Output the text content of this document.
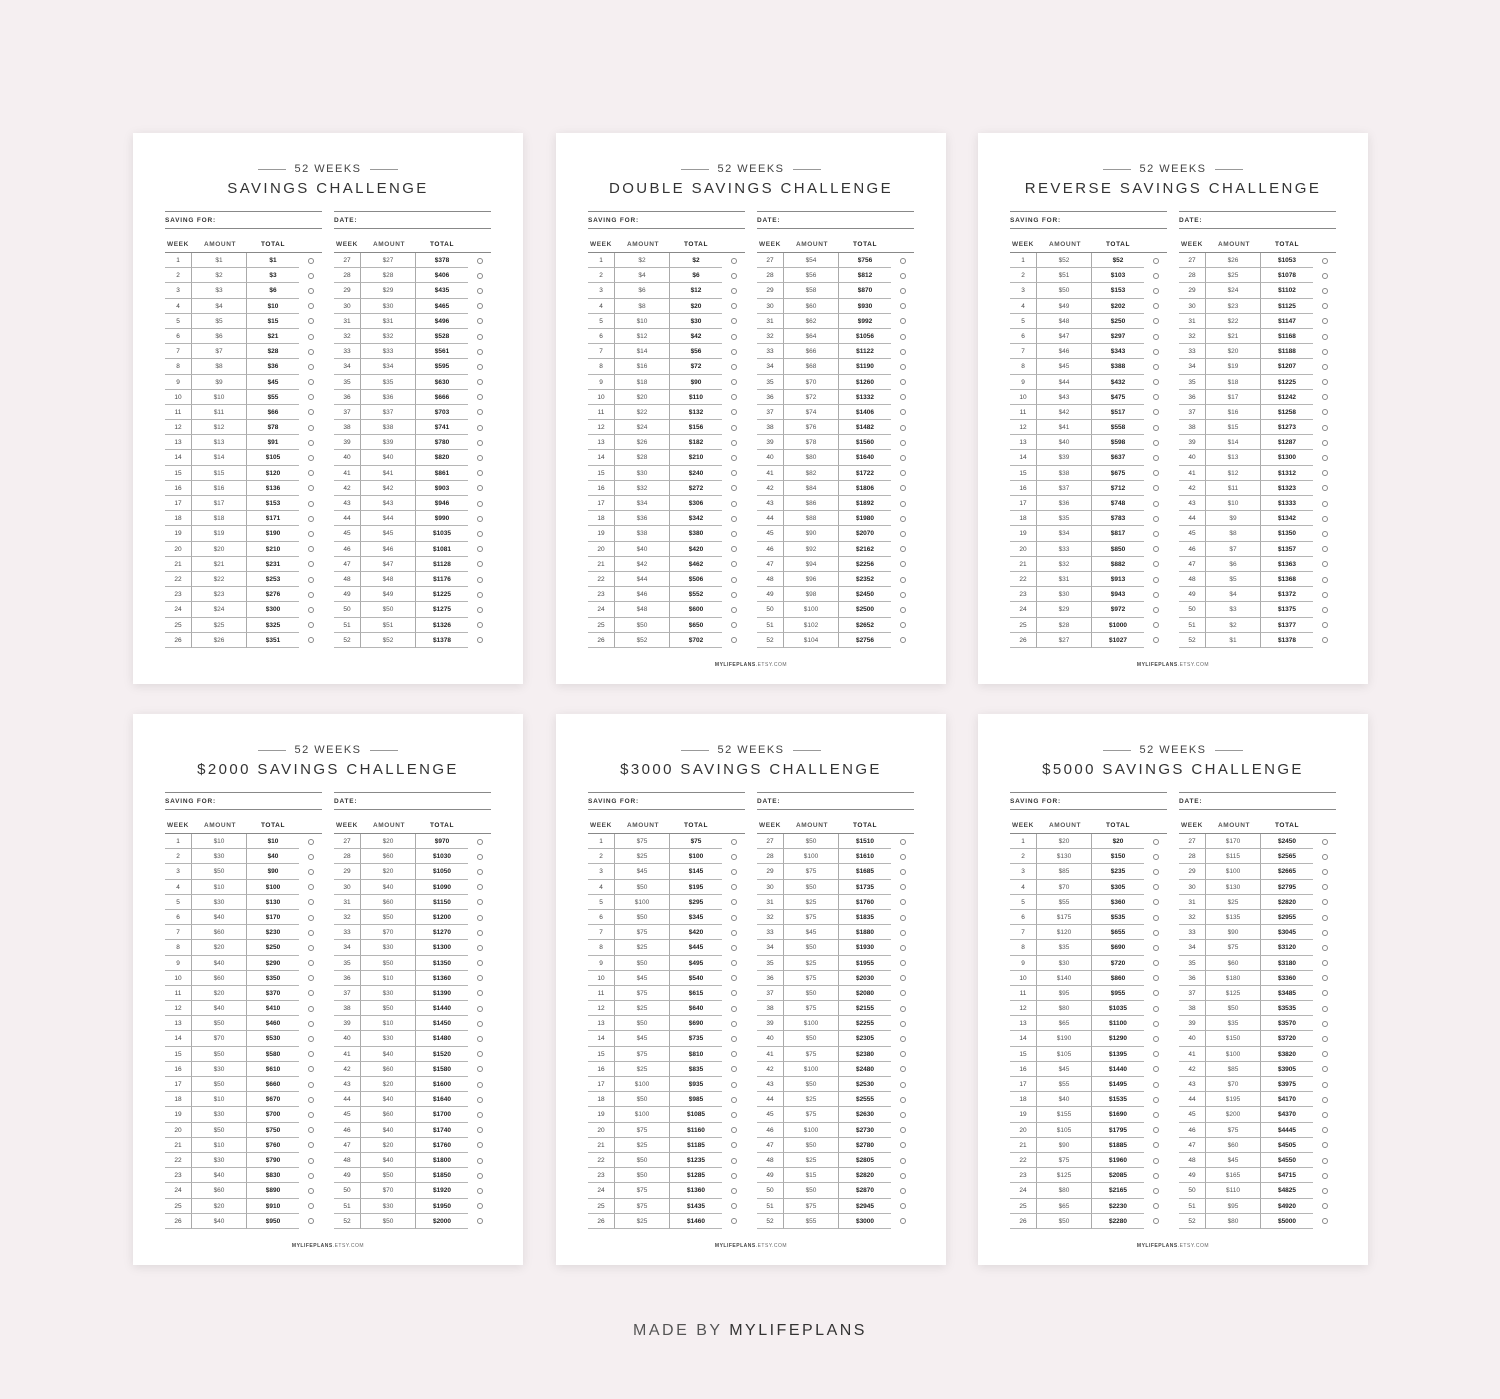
52 WEEKS
SAVINGS CHALLENGE
SAVING FOR:	DATE:
WEEK	AMOUNT	TOTAL
1	$1	$1
2	$2	$3
3	$3	$6
4	$4	$10
5	$5	$15
6	$6	$21
7	$7	$28
8	$8	$36
9	$9	$45
10	$10	$55
11	$11	$66
12	$12	$78
13	$13	$91
14	$14	$105
15	$15	$120
16	$16	$136
17	$17	$153
18	$18	$171
19	$19	$190
20	$20	$210
21	$21	$231
22	$22	$253
23	$23	$276
24	$24	$300
25	$25	$325
26	$26	$351
WEEK	AMOUNT	TOTAL
27	$27	$378
28	$28	$406
29	$29	$435
30	$30	$465
31	$31	$496
32	$32	$528
33	$33	$561
34	$34	$595
35	$35	$630
36	$36	$666
37	$37	$703
38	$38	$741
39	$39	$780
40	$40	$820
41	$41	$861
42	$42	$903
43	$43	$946
44	$44	$990
45	$45	$1035
46	$46	$1081
47	$47	$1128
48	$48	$1176
49	$49	$1225
50	$50	$1275
51	$51	$1326
52	$52	$1378
52 WEEKS
DOUBLE SAVINGS CHALLENGE
SAVING FOR:	DATE:
WEEK	AMOUNT	TOTAL
1	$2	$2
2	$4	$6
3	$6	$12
4	$8	$20
5	$10	$30
6	$12	$42
7	$14	$56
8	$16	$72
9	$18	$90
10	$20	$110
11	$22	$132
12	$24	$156
13	$26	$182
14	$28	$210
15	$30	$240
16	$32	$272
17	$34	$306
18	$36	$342
19	$38	$380
20	$40	$420
21	$42	$462
22	$44	$506
23	$46	$552
24	$48	$600
25	$50	$650
26	$52	$702
WEEK	AMOUNT	TOTAL
27	$54	$756
28	$56	$812
29	$58	$870
30	$60	$930
31	$62	$992
32	$64	$1056
33	$66	$1122
34	$68	$1190
35	$70	$1260
36	$72	$1332
37	$74	$1406
38	$76	$1482
39	$78	$1560
40	$80	$1640
41	$82	$1722
42	$84	$1806
43	$86	$1892
44	$88	$1980
45	$90	$2070
46	$92	$2162
47	$94	$2256
48	$96	$2352
49	$98	$2450
50	$100	$2500
51	$102	$2652
52	$104	$2756
MYLIFEPLANS.ETSY.COM
52 WEEKS
REVERSE SAVINGS CHALLENGE
SAVING FOR:	DATE:
WEEK	AMOUNT	TOTAL
1	$52	$52
2	$51	$103
3	$50	$153
4	$49	$202
5	$48	$250
6	$47	$297
7	$46	$343
8	$45	$388
9	$44	$432
10	$43	$475
11	$42	$517
12	$41	$558
13	$40	$598
14	$39	$637
15	$38	$675
16	$37	$712
17	$36	$748
18	$35	$783
19	$34	$817
20	$33	$850
21	$32	$882
22	$31	$913
23	$30	$943
24	$29	$972
25	$28	$1000
26	$27	$1027
WEEK	AMOUNT	TOTAL
27	$26	$1053
28	$25	$1078
29	$24	$1102
30	$23	$1125
31	$22	$1147
32	$21	$1168
33	$20	$1188
34	$19	$1207
35	$18	$1225
36	$17	$1242
37	$16	$1258
38	$15	$1273
39	$14	$1287
40	$13	$1300
41	$12	$1312
42	$11	$1323
43	$10	$1333
44	$9	$1342
45	$8	$1350
46	$7	$1357
47	$6	$1363
48	$5	$1368
49	$4	$1372
50	$3	$1375
51	$2	$1377
52	$1	$1378
MYLIFEPLANS.ETSY.COM
52 WEEKS
$2000 SAVINGS CHALLENGE
SAVING FOR:	DATE:
WEEK	AMOUNT	TOTAL
1	$10	$10
2	$30	$40
3	$50	$90
4	$10	$100
5	$30	$130
6	$40	$170
7	$60	$230
8	$20	$250
9	$40	$290
10	$60	$350
11	$20	$370
12	$40	$410
13	$50	$460
14	$70	$530
15	$50	$580
16	$30	$610
17	$50	$660
18	$10	$670
19	$30	$700
20	$50	$750
21	$10	$760
22	$30	$790
23	$40	$830
24	$60	$890
25	$20	$910
26	$40	$950
WEEK	AMOUNT	TOTAL
27	$20	$970
28	$60	$1030
29	$20	$1050
30	$40	$1090
31	$60	$1150
32	$50	$1200
33	$70	$1270
34	$30	$1300
35	$50	$1350
36	$10	$1360
37	$30	$1390
38	$50	$1440
39	$10	$1450
40	$30	$1480
41	$40	$1520
42	$60	$1580
43	$20	$1600
44	$40	$1640
45	$60	$1700
46	$40	$1740
47	$20	$1760
48	$40	$1800
49	$50	$1850
50	$70	$1920
51	$30	$1950
52	$50	$2000
MYLIFEPLANS.ETSY.COM
52 WEEKS
$3000 SAVINGS CHALLENGE
SAVING FOR:	DATE:
WEEK	AMOUNT	TOTAL
1	$75	$75
2	$25	$100
3	$45	$145
4	$50	$195
5	$100	$295
6	$50	$345
7	$75	$420
8	$25	$445
9	$50	$495
10	$45	$540
11	$75	$615
12	$25	$640
13	$50	$690
14	$45	$735
15	$75	$810
16	$25	$835
17	$100	$935
18	$50	$985
19	$100	$1085
20	$75	$1160
21	$25	$1185
22	$50	$1235
23	$50	$1285
24	$75	$1360
25	$75	$1435
26	$25	$1460
WEEK	AMOUNT	TOTAL
27	$50	$1510
28	$100	$1610
29	$75	$1685
30	$50	$1735
31	$25	$1760
32	$75	$1835
33	$45	$1880
34	$50	$1930
35	$25	$1955
36	$75	$2030
37	$50	$2080
38	$75	$2155
39	$100	$2255
40	$50	$2305
41	$75	$2380
42	$100	$2480
43	$50	$2530
44	$25	$2555
45	$75	$2630
46	$100	$2730
47	$50	$2780
48	$25	$2805
49	$15	$2820
50	$50	$2870
51	$75	$2945
52	$55	$3000
MYLIFEPLANS.ETSY.COM
52 WEEKS
$5000 SAVINGS CHALLENGE
SAVING FOR:	DATE:
WEEK	AMOUNT	TOTAL
1	$20	$20
2	$130	$150
3	$85	$235
4	$70	$305
5	$55	$360
6	$175	$535
7	$120	$655
8	$35	$690
9	$30	$720
10	$140	$860
11	$95	$955
12	$80	$1035
13	$65	$1100
14	$190	$1290
15	$105	$1395
16	$45	$1440
17	$55	$1495
18	$40	$1535
19	$155	$1690
20	$105	$1795
21	$90	$1885
22	$75	$1960
23	$125	$2085
24	$80	$2165
25	$65	$2230
26	$50	$2280
WEEK	AMOUNT	TOTAL
27	$170	$2450
28	$115	$2565
29	$100	$2665
30	$130	$2795
31	$25	$2820
32	$135	$2955
33	$90	$3045
34	$75	$3120
35	$60	$3180
36	$180	$3360
37	$125	$3485
38	$50	$3535
39	$35	$3570
40	$150	$3720
41	$100	$3820
42	$85	$3905
43	$70	$3975
44	$195	$4170
45	$200	$4370
46	$75	$4445
47	$60	$4505
48	$45	$4550
49	$165	$4715
50	$110	$4825
51	$95	$4920
52	$80	$5000
MYLIFEPLANS.ETSY.COM
MADE BY MYLIFEPLANS
